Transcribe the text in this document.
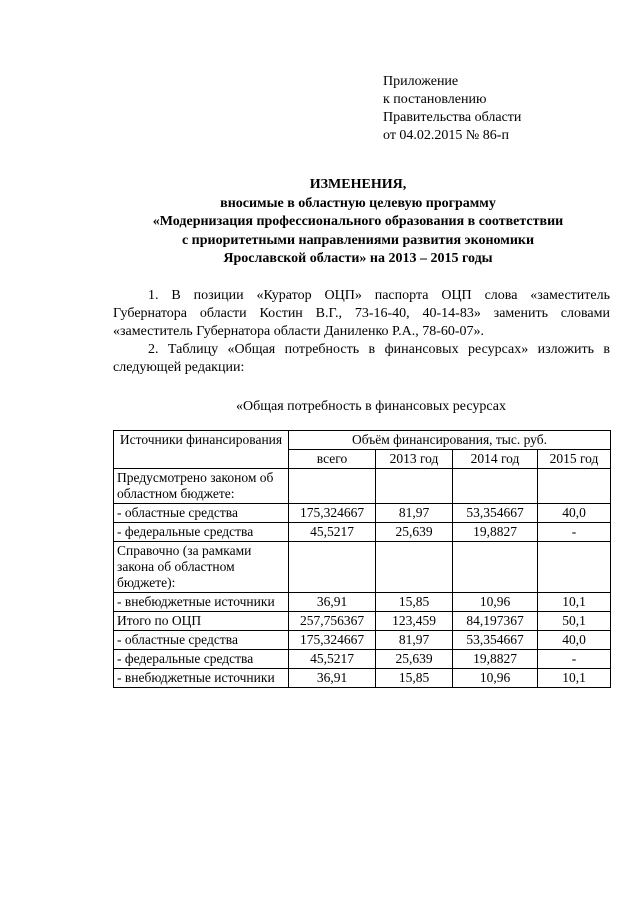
Приложение
к постановлению
Правительства области
от 04.02.2015 № 86-п
ИЗМЕНЕНИЯ,
вносимые в областную целевую программу
«Модернизация профессионального образования в соответствии
с приоритетными направлениями развития экономики
Ярославской области» на 2013 – 2015 годы
1. В позиции «Куратор ОЦП» паспорта ОЦП слова «заместитель Губернатора области Костин В.Г., 73-16-40, 40-14-83» заменить словами «заместитель Губернатора области Даниленко Р.А., 78-60-07».
2. Таблицу «Общая потребность в финансовых ресурсах» изложить в следующей редакции:
«Общая потребность в финансовых ресурсах
Источники финансирования	Объём финансирования, тыс. руб.			
	всего	2013 год	2014 год	2015 год
Предусмотрено законом об областном бюджете:				
- областные средства	175,324667	81,97	53,354667	40,0
- федеральные средства	45,5217	25,639	19,8827	-
Справочно (за рамками закона об областном бюджете):				
- внебюджетные источники	36,91	15,85	10,96	10,1
Итого по ОЦП	257,756367	123,459	84,197367	50,1
- областные средства	175,324667	81,97	53,354667	40,0
- федеральные средства	45,5217	25,639	19,8827	-
- внебюджетные источники	36,91	15,85	10,96	10,1
